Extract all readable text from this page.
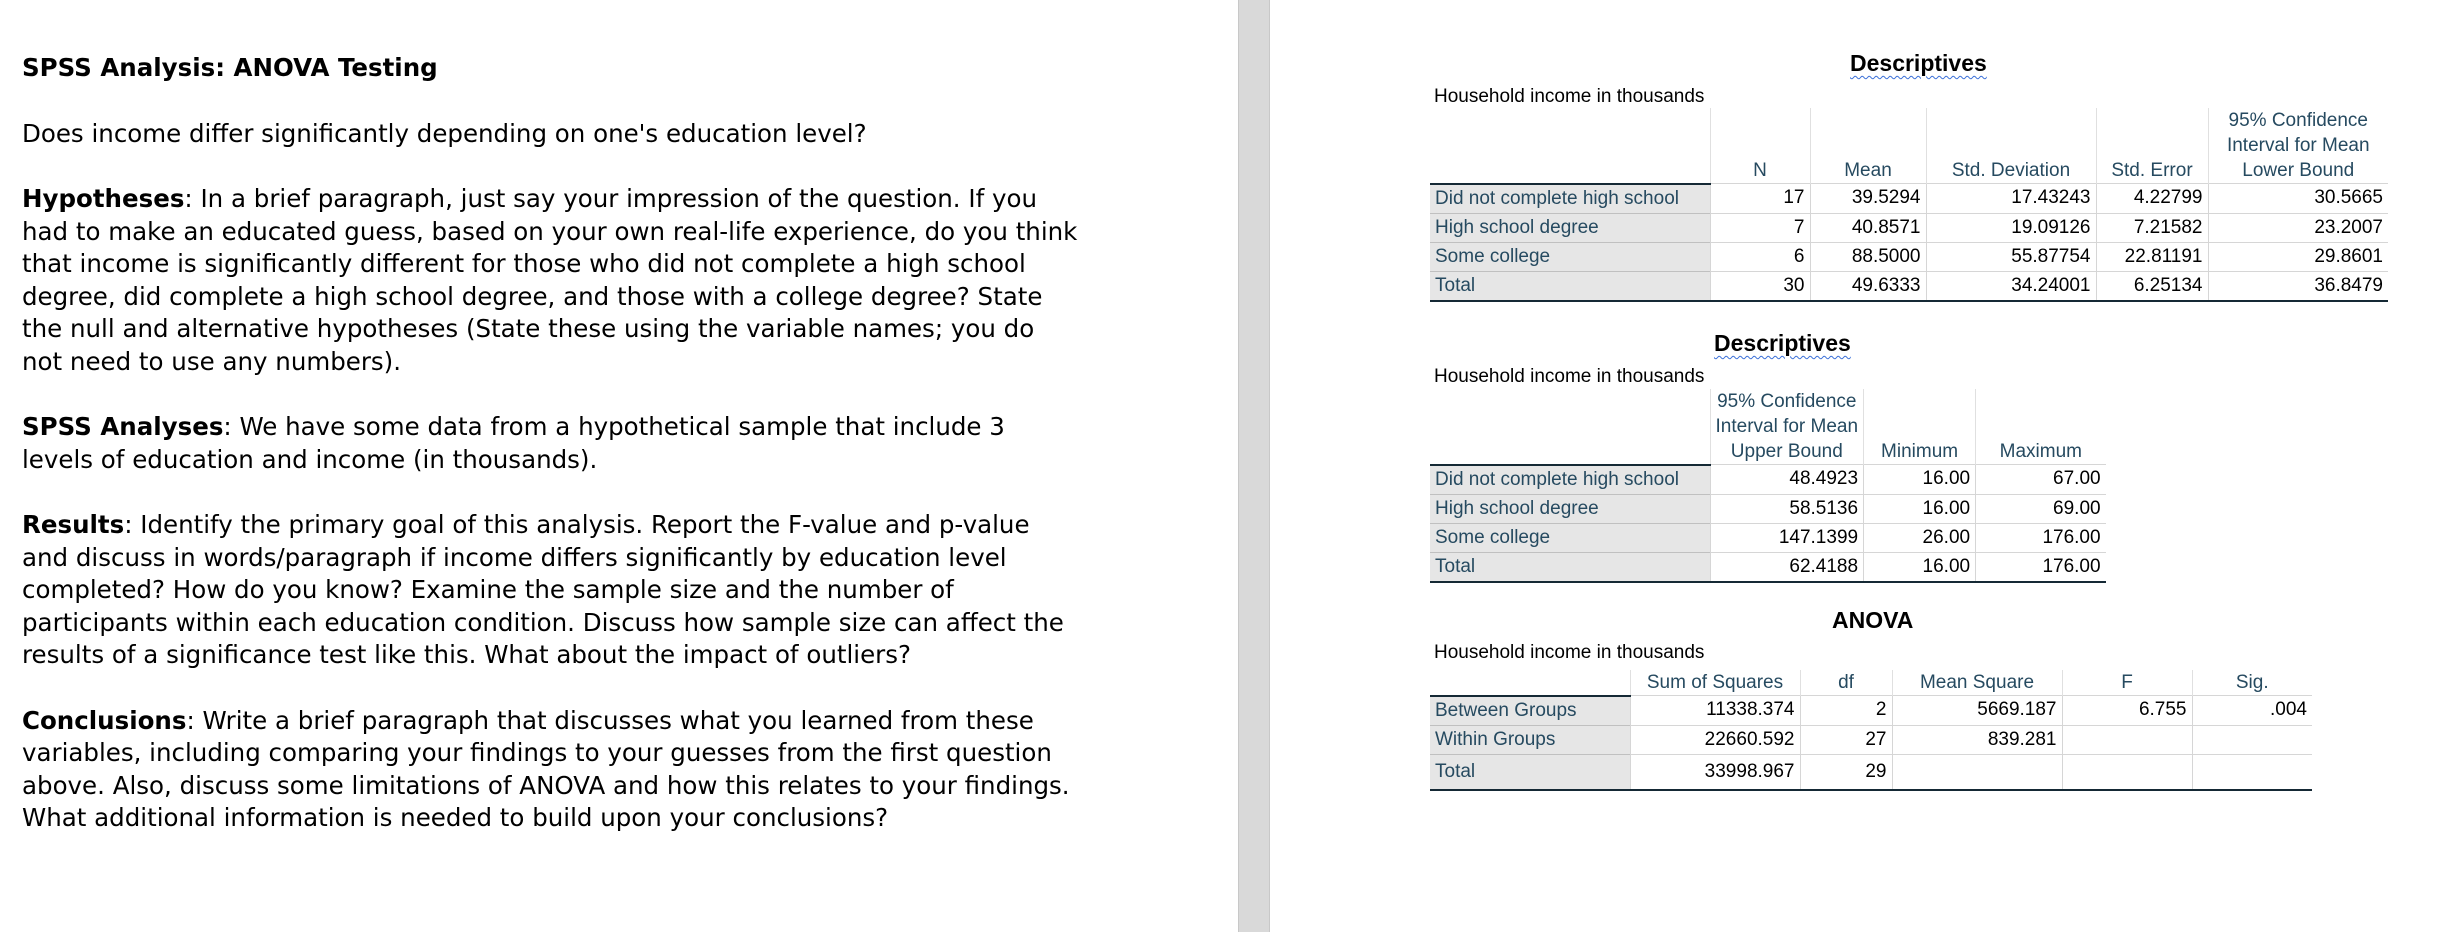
SPSS Analysis: ANOVA Testing

Does income differ significantly depending on one's education level?

Hypotheses: In a brief paragraph, just say your impression of the question. If you had to make an educated guess, based on your own real-life experience, do you think that income is significantly different for those who did not complete a high school degree, did complete a high school degree, and those with a college degree? State the null and alternative hypotheses (State these using the variable names; you do not need to use any numbers).

SPSS Analyses: We have some data from a hypothetical sample that include 3 levels of education and income (in thousands).

Results: Identify the primary goal of this analysis. Report the F-value and p-value and discuss in words/paragraph if income differs significantly by education level completed? How do you know? Examine the sample size and the number of participants within each education condition. Discuss how sample size can affect the results of a significance test like this. What about the impact of outliers?

Conclusions: Write a brief paragraph that discusses what you learned from these variables, including comparing your findings to your guesses from the first question above. Also, discuss some limitations of ANOVA and how this relates to your findings. What additional information is needed to build upon your conclusions?

Descriptives
Household income in thousands
	N	Mean	Std. Deviation	Std. Error	95% Confidence
Interval for Mean
Lower Bound

Did not complete high school	17	39.5294	17.43243	4.22799	30.5665
High school degree	7	40.8571	19.09126	7.21582	23.2007
Some college	6	88.5000	55.87754	22.81191	29.8601
Total	30	49.6333	34.24001	6.25134	36.8479
Descriptives
Household income in thousands

	95% Confidence
Interval for Mean
Upper Bound	Minimum	Maximum
Did not complete high school	48.4923	16.00	67.00
High school degree	58.5136	16.00	69.00
Some college	147.1399	26.00	176.00
Total	62.4188	16.00	176.00
ANOVA
Household income in thousands
	Sum of Squares	df	Mean Square	F	Sig.
Between Groups	11338.374	2	5669.187	6.755	.004
Within Groups	22660.592	27	839.281		
Total	33998.967	29			
